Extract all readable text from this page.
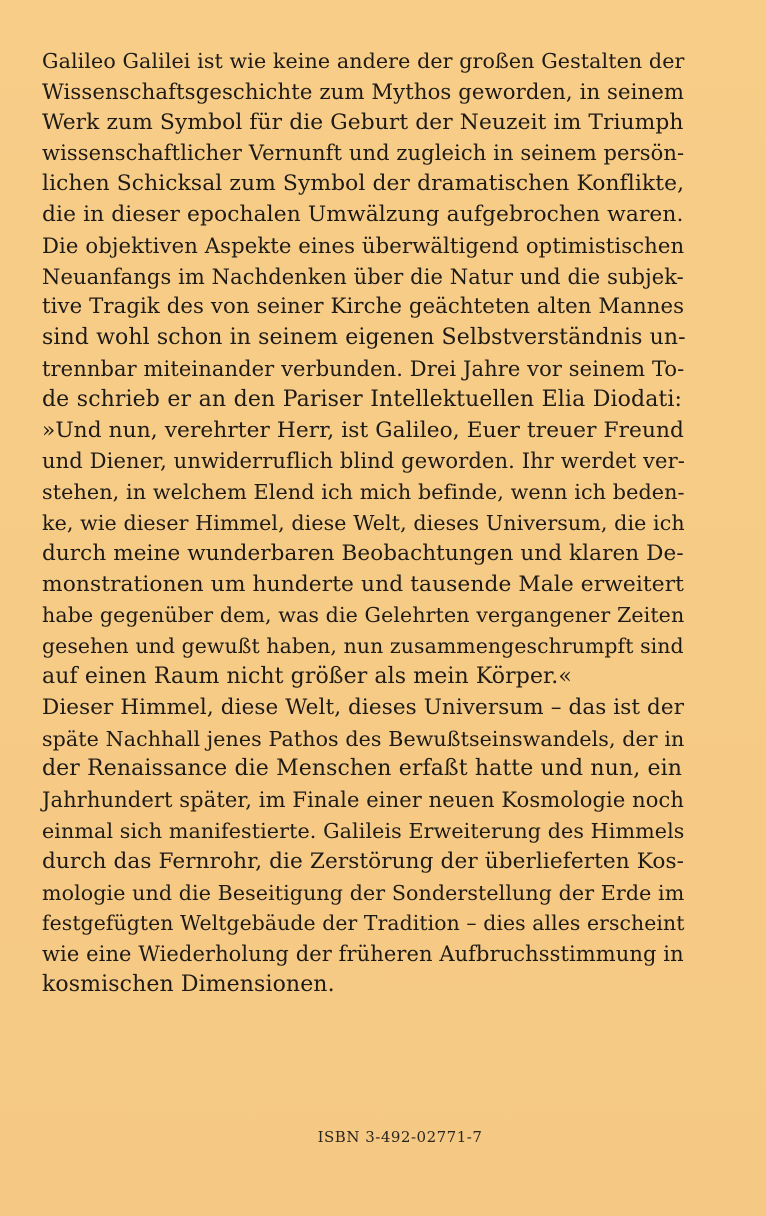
Galileo Galilei ist wie keine andere der großen Gestalten der
Wissenschaftsgeschichte zum Mythos geworden, in seinem
Werk zum Symbol für die Geburt der Neuzeit im Triumph
wissenschaftlicher Vernunft und zugleich in seinem persön-
lichen Schicksal zum Symbol der dramatischen Konflikte,
die in dieser epochalen Umwälzung aufgebrochen waren.
Die objektiven Aspekte eines überwältigend optimistischen
Neuanfangs im Nachdenken über die Natur und die subjek-
tive Tragik des von seiner Kirche geächteten alten Mannes
sind wohl schon in seinem eigenen Selbstverständnis un-
trennbar miteinander verbunden. Drei Jahre vor seinem To-
de schrieb er an den Pariser Intellektuellen Elia Diodati:
»Und nun, verehrter Herr, ist Galileo, Euer treuer Freund
und Diener, unwiderruflich blind geworden. Ihr werdet ver-
stehen, in welchem Elend ich mich befinde, wenn ich beden-
ke, wie dieser Himmel, diese Welt, dieses Universum, die ich
durch meine wunderbaren Beobachtungen und klaren De-
monstrationen um hunderte und tausende Male erweitert
habe gegenüber dem, was die Gelehrten vergangener Zeiten
gesehen und gewußt haben, nun zusammengeschrumpft sind
auf einen Raum nicht größer als mein Körper.«
Dieser Himmel, diese Welt, dieses Universum – das ist der
späte Nachhall jenes Pathos des Bewußtseinswandels, der in
der Renaissance die Menschen erfaßt hatte und nun, ein
Jahrhundert später, im Finale einer neuen Kosmologie noch
einmal sich manifestierte. Galileis Erweiterung des Himmels
durch das Fernrohr, die Zerstörung der überlieferten Kos-
mologie und die Beseitigung der Sonderstellung der Erde im
festgefügten Weltgebäude der Tradition – dies alles erscheint
wie eine Wiederholung der früheren Aufbruchsstimmung in
kosmischen Dimensionen.
ISBN 3-492-02771-7
